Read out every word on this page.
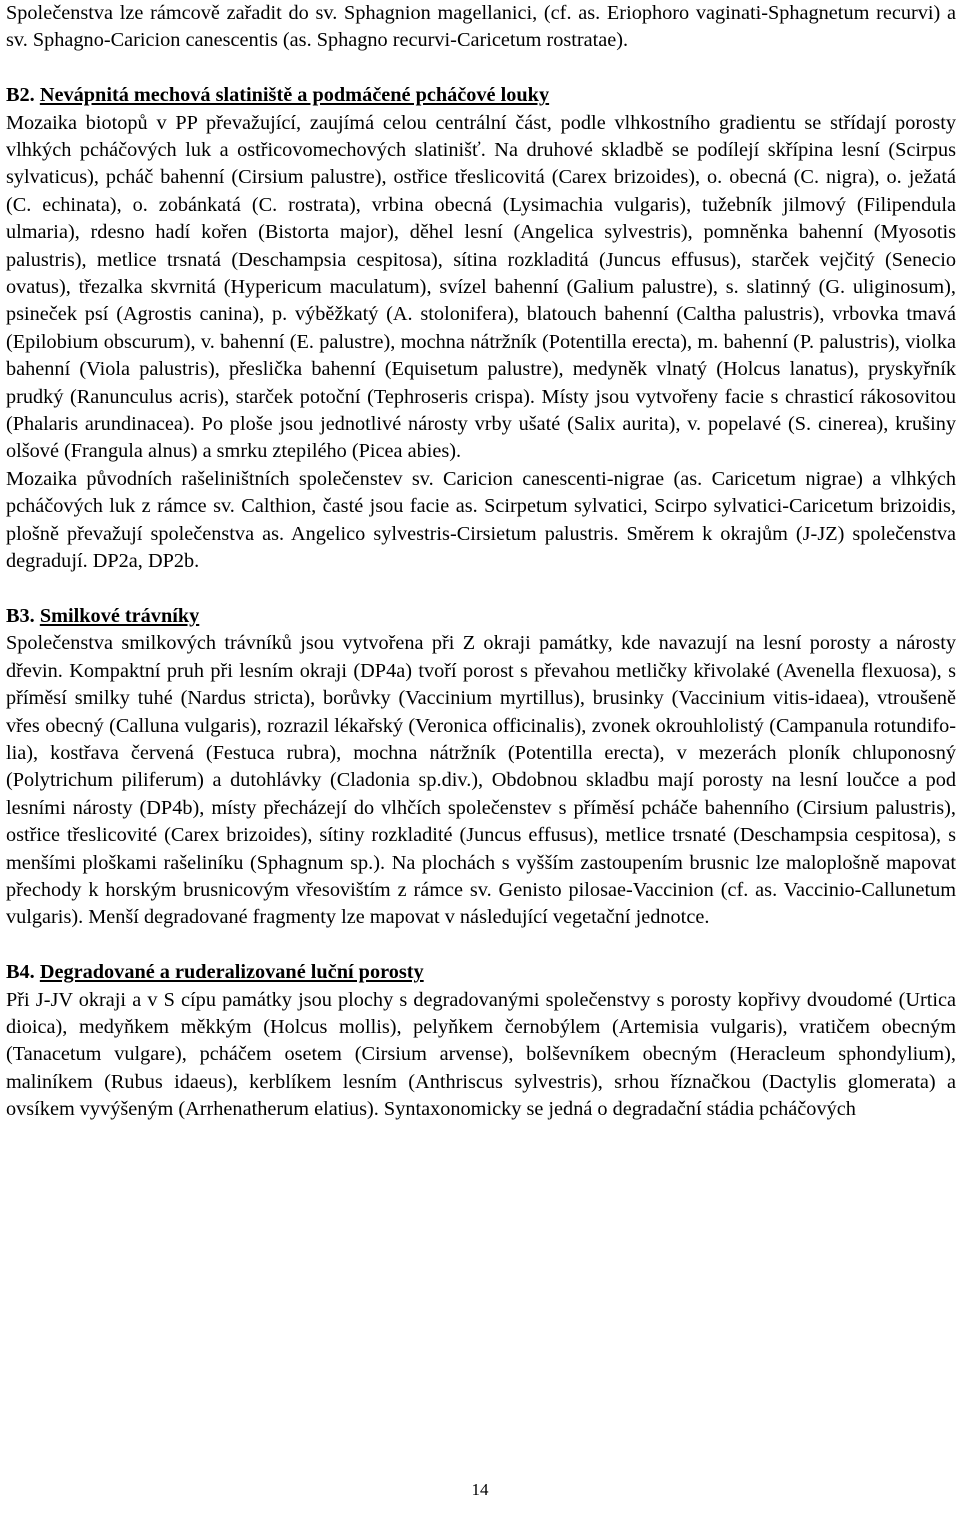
Společenstva lze rámcově zařadit do sv. Sphagnion magellanici, (cf. as. Eriophoro vaginati-Sphagnetum recurvi) a sv. Sphagno-Caricion canescentis (as. Sphagno recurvi-Caricetum rostratae).

B2. Nevápnitá mechová slatiniště a podmáčené pcháčové louky

Mozaika biotopů v PP převažující, zaujímá celou centrální část, podle vlhkostního gradientu se střídají porosty vlhkých pcháčových luk a ostřicovomechových slatinišť. Na druhové skladbě se podílejí skřípina lesní (Scirpus sylvaticus), pcháč bahenní (Cirsium palustre), ostřice třeslicovitá (Carex brizoides), o. obecná (C. nigra), o. ježatá (C. echinata), o. zobánkatá (C. rostrata), vrbina obecná (Lysimachia vulgaris), tužebník jilmový (Filipendula ulmaria), rdesno hadí kořen (Bistorta major), děhel lesní (Angelica sylvestris), pomněnka bahenní (Myosotis palustris), metlice trsnatá (Deschampsia cespitosa), sítina rozkladitá (Juncus effusus), starček vejčitý (Senecio ovatus), třezalka skvrnitá (Hypericum maculatum), svízel bahenní (Galium palustre), s. slatinný (G. uliginosum), psineček psí (Agrostis canina), p. výběžkatý (A. stolonifera), blatouch bahenní (Caltha palustris), vrbovka tmavá (Epilobium obscurum), v. bahenní (E. palustre), mochna nátržník (Potentilla erecta), m. bahenní (P. palustris), violka bahenní (Viola palustris), přeslička bahenní (Equisetum palustre), medyněk vlnatý (Holcus lanatus), pryskyřník prudký (Ranunculus acris), starček potoční (Tephroseris crispa). Místy jsou vytvořeny facie s chrasticí rákosovitou (Phalaris arundinacea). Po ploše jsou jednotlivé nárosty vrby ušaté (Salix aurita), v. popelavé (S. cinerea), krušiny olšové (Frangula alnus) a smrku ztepilého (Picea abies).

Mozaika původních rašeliništních společenstev sv. Caricion canescenti-nigrae (as. Caricetum nigrae) a vlhkých pcháčových luk z rámce sv. Calthion, časté jsou facie as. Scirpetum sylvatici, Scirpo sylvatici-Caricetum brizoidis, plošně převažují společenstva as. Angelico sylvestris-Cirsietum palustris. Směrem k okrajům (J-JZ) společenstva degradují. DP2a, DP2b.

B3. Smilkové trávníky

Společenstva smilkových trávníků jsou vytvořena při Z okraji památky, kde navazují na lesní porosty a nárosty dřevin. Kompaktní pruh při lesním okraji (DP4a) tvoří porost s převahou metličky křivolaké (Avenella flexuosa), s příměsí smilky tuhé (Nardus stricta), borůvky (Vaccinium myrtillus), brusinky (Vaccinium vitis-idaea), vtroušeně vřes obecný (Calluna vulgaris), rozrazil lékařský (Veronica officinalis), zvonek okrouhlolistý (Campanula rotundifolia), kostřava červená (Festuca rubra), mochna nátržník (Potentilla erecta), v mezerách ploník chluponosný (Polytrichum piliferum) a dutohlávky (Cladonia sp.div.), Obdobnou skladbu mají porosty na lesní loučce a pod lesními nárosty (DP4b), místy přecházejí do vlhčích společenstev s příměsí pcháče bahenního (Cirsium palustris), ostřice třeslicovité (Carex brizoides), sítiny rozkladité (Juncus effusus), metlice trsnaté (Deschampsia cespitosa), s menšími ploškami rašeliníku (Sphagnum sp.). Na plochách s vyšším zastoupením brusnic lze maloplošně mapovat přechody k horským brusnicovým vřesovištím z rámce sv. Genisto pilosae-Vaccinion (cf. as. Vaccinio-Callunetum vulgaris). Menší degradované fragmenty lze mapovat v následující vegetační jednotce.

B4. Degradované a ruderalizované luční porosty

Při J-JV okraji a v S cípu památky jsou plochy s degradovanými společenstvy s porosty kopřivy dvoudomé (Urtica dioica), medyňkem měkkým (Holcus mollis), pelyňkem černobýlem (Artemisia vulgaris), vratičem obecným (Tanacetum vulgare), pcháčem osetem (Cirsium arvense), bolševníkem obecným (Heracleum sphondylium), maliníkem (Rubus idaeus), kerblíkem lesním (Anthriscus sylvestris), srhou říznačkou (Dactylis glomerata) a ovsíkem vyvýšeným (Arrhenatherum elatius). Syntaxonomicky se jedná o degradační stádia pcháčových

14
